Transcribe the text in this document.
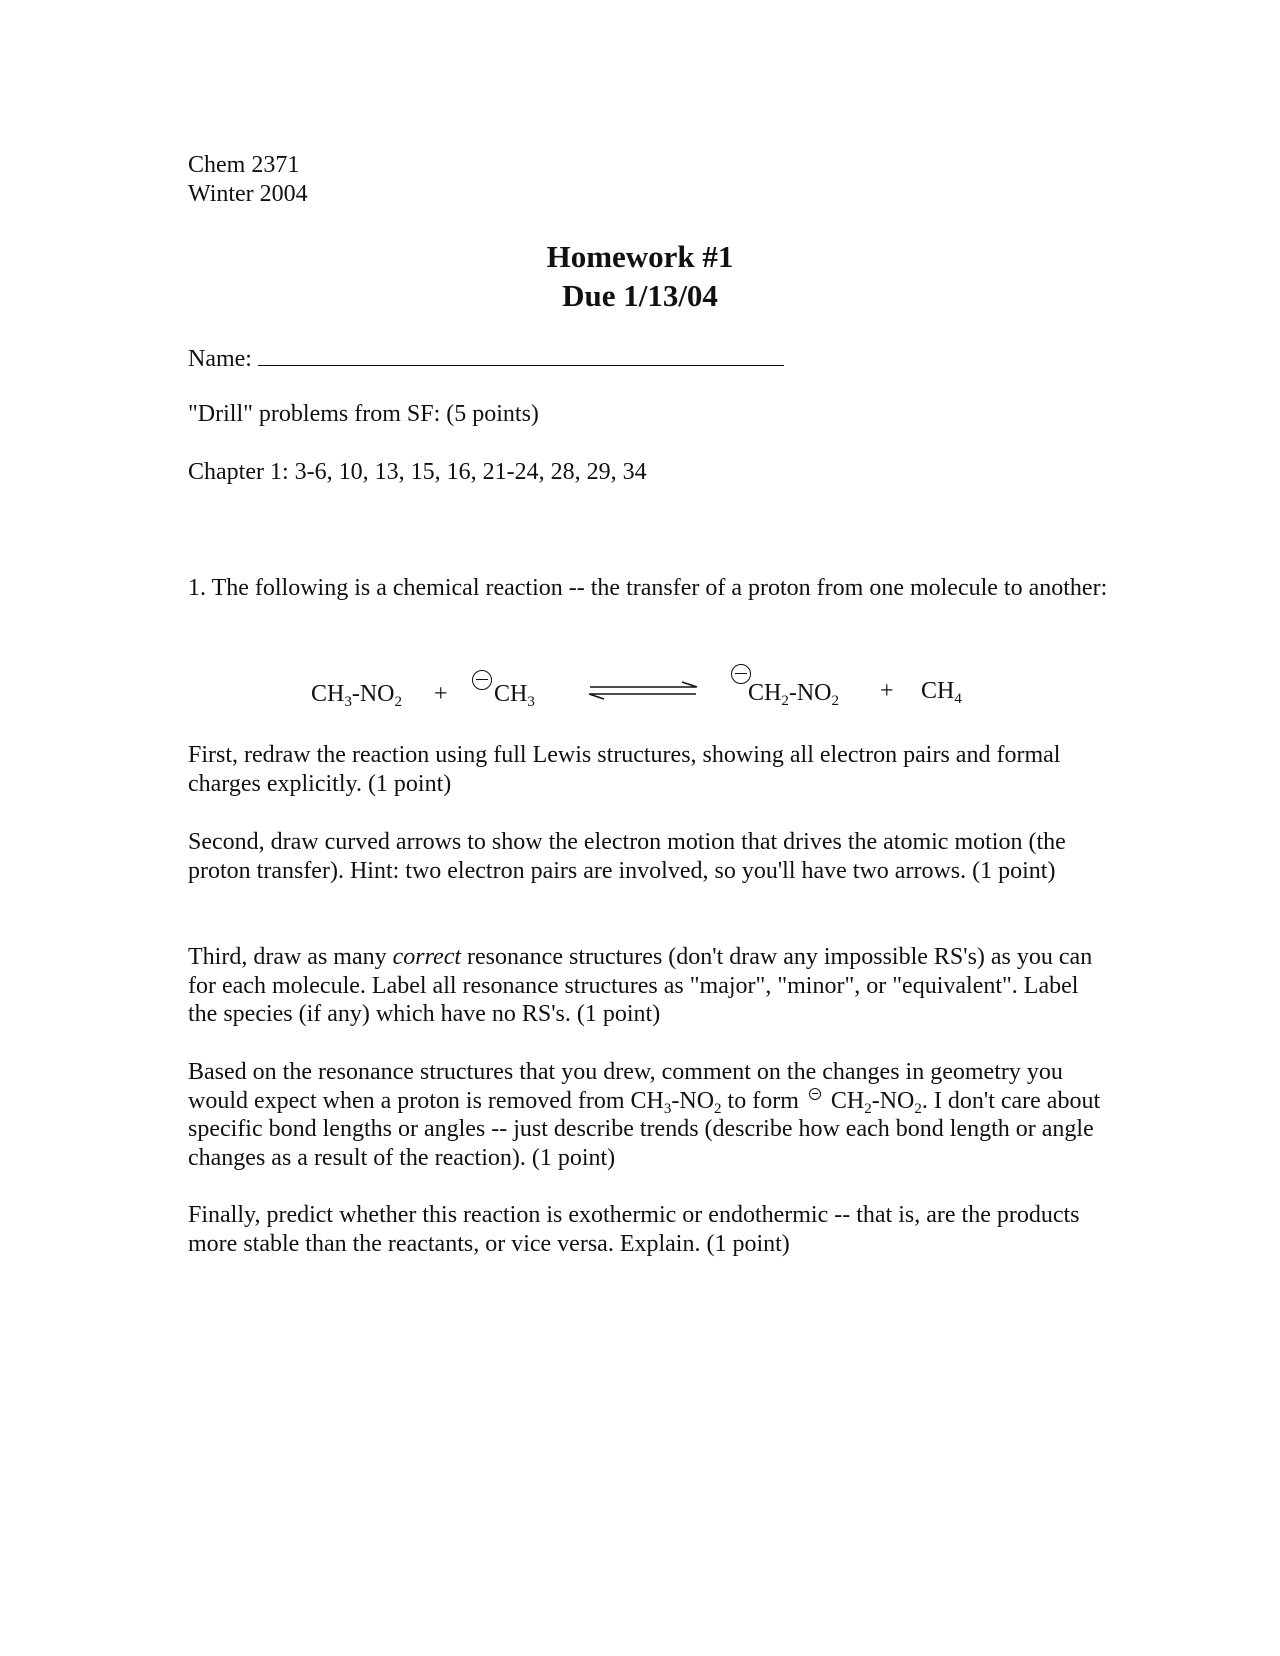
Chem 2371
Winter 2004
Homework #1
Due 1/13/04
Name:
"Drill" problems from SF: (5 points)
Chapter 1: 3-6, 10, 13, 15, 16, 21-24, 28, 29, 34
1. The following is a chemical reaction -- the transfer of a proton from one molecule to another:
$CH_3-NO_2 + CH_3$	$CH_2-NO_2 + CH_4$
First, redraw the reaction using full Lewis structures, showing all electron pairs and formal charges explicitly. (1 point)
Second, draw curved arrows to show the electron motion that drives the atomic motion (the proton transfer). Hint: two electron pairs are involved, so you'll have two arrows. (1 point)
Third, draw as many correct resonance structures (don't draw any impossible RS's) as you can for each molecule. Label all resonance structures as "major", "minor", or "equivalent". Label the species (if any) which have no RS's. (1 point)
Based on the resonance structures that you drew, comment on the changes in geometry you would expect when a proton is removed from $CH_3-NO_2$ to form
$CH_2-NO_2$. I don't care about specific bond lengths or angles -- just describe trends (describe how each bond length or angle changes as a result of the reaction). (1 point)
Finally, predict whether this reaction is exothermic or endothermic -- that is, are the products more stable than the reactants, or vice versa. Explain. (1 point)
